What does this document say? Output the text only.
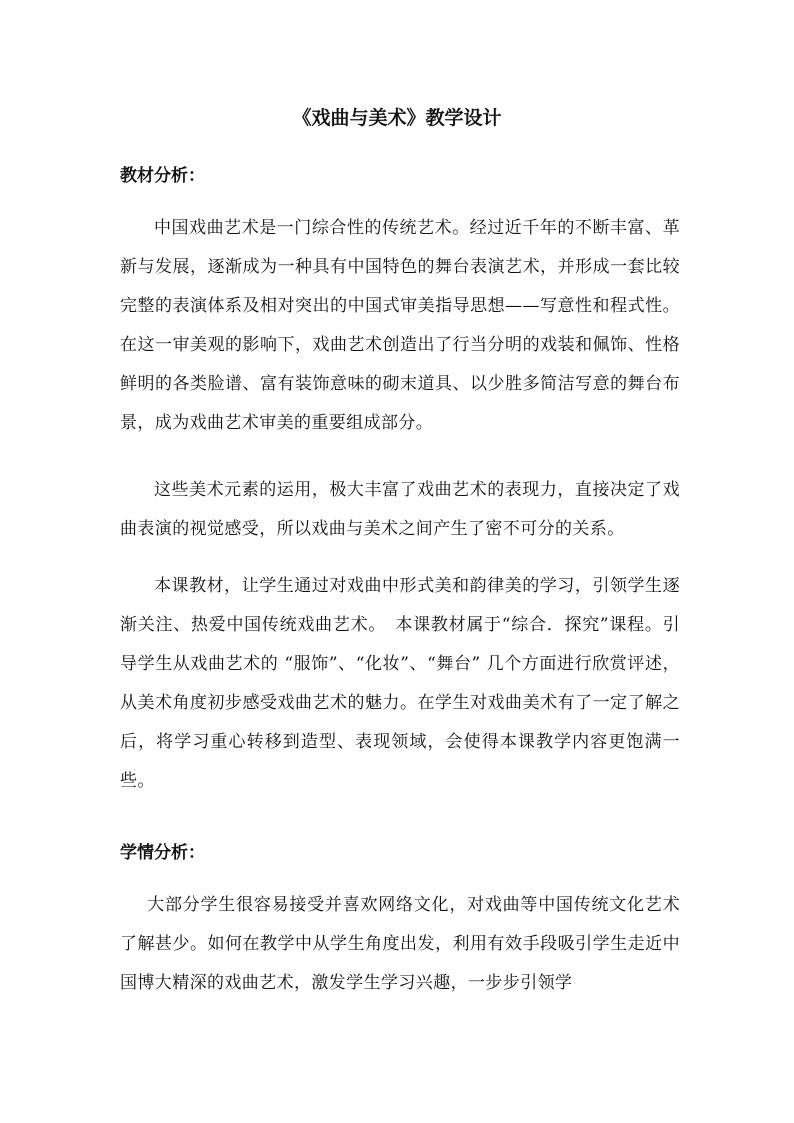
《戏曲与美术》教学设计
教材分析：

中国戏曲艺术是一门综合性的传统艺术。经过近千年的不断丰富、革新与发展，逐渐成为一种具有中国特色的舞台表演艺术，并形成一套比较完整的表演体系及相对突出的中国式审美指导思想——写意性和程式性。在这一审美观的影响下，戏曲艺术创造出了行当分明的戏装和佩饰、性格鲜明的各类脸谱、富有装饰意味的砌末道具、以少胜多简洁写意的舞台布景，成为戏曲艺术审美的重要组成部分。

这些美术元素的运用，极大丰富了戏曲艺术的表现力，直接决定了戏曲表演的视觉感受，所以戏曲与美术之间产生了密不可分的关系。

本课教材，让学生通过对戏曲中形式美和韵律美的学习，引领学生逐渐关注、热爱中国传统戏曲艺术。　本课教材属于“综合．探究”课程。引导学生从戏曲艺术的 “服饰”、“化妆”、“舞台” 几个方面进行欣赏评述，从美术角度初步感受戏曲艺术的魅力。在学生对戏曲美术有了一定了解之后，将学习重心转移到造型、表现领域，会使得本课教学内容更饱满一些。

学情分析：

大部分学生很容易接受并喜欢网络文化，对戏曲等中国传统文化艺术了解甚少。如何在教学中从学生角度出发，利用有效手段吸引学生走近中国博大精深的戏曲艺术，激发学生学习兴趣，一步步引领学
